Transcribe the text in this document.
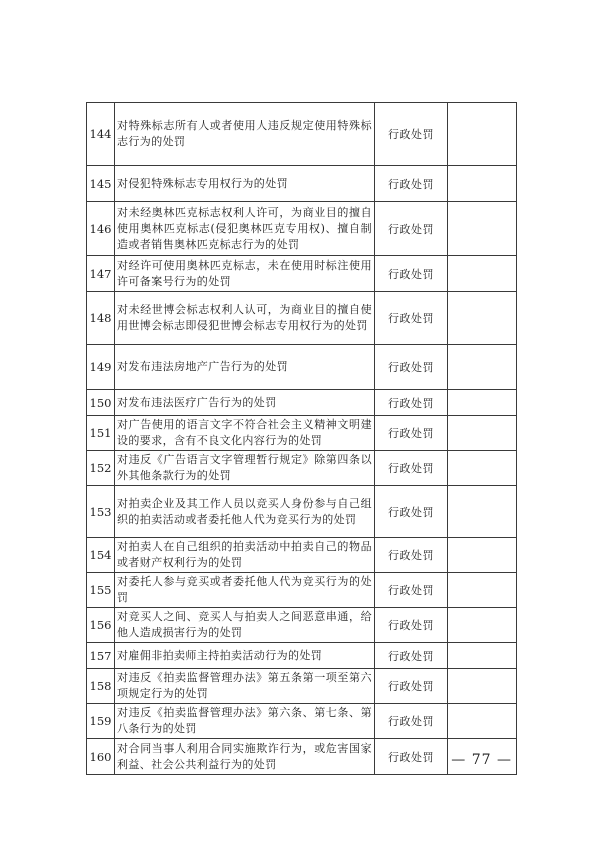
144	对特殊标志所有人或者使用人违反规定使用特殊标志行为的处罚	行政处罚	
145	对侵犯特殊标志专用权行为的处罚	行政处罚	
146	对未经奥林匹克标志权利人许可，为商业目的擅自使用奥林匹克标志(侵犯奥林匹克专用权)、擅自制造或者销售奥林匹克标志行为的处罚	行政处罚	
147	对经许可使用奥林匹克标志，未在使用时标注使用许可备案号行为的处罚	行政处罚	
148	对未经世博会标志权利人认可，为商业目的擅自使用世博会标志即侵犯世博会标志专用权行为的处罚	行政处罚	
149	对发布违法房地产广告行为的处罚	行政处罚	
150	对发布违法医疗广告行为的处罚	行政处罚	
151	对广告使用的语言文字不符合社会主义精神文明建设的要求，含有不良文化内容行为的处罚	行政处罚	
152	对违反《广告语言文字管理暂行规定》除第四条以外其他条款行为的处罚	行政处罚	
153	对拍卖企业及其工作人员以竞买人身份参与自己组织的拍卖活动或者委托他人代为竞买行为的处罚	行政处罚	
154	对拍卖人在自己组织的拍卖活动中拍卖自己的物品或者财产权利行为的处罚	行政处罚	
155	对委托人参与竞买或者委托他人代为竞买行为的处罚	行政处罚	
156	对竞买人之间、竞买人与拍卖人之间恶意串通，给他人造成损害行为的处罚	行政处罚	
157	对雇佣非拍卖师主持拍卖活动行为的处罚	行政处罚	
158	对违反《拍卖监督管理办法》第五条第一项至第六项规定行为的处罚	行政处罚	
159	对违反《拍卖监督管理办法》第六条、第七条、第八条行为的处罚	行政处罚	
160	对合同当事人利用合同实施欺诈行为，或危害国家利益、社会公共利益行为的处罚	行政处罚	— 77 —
